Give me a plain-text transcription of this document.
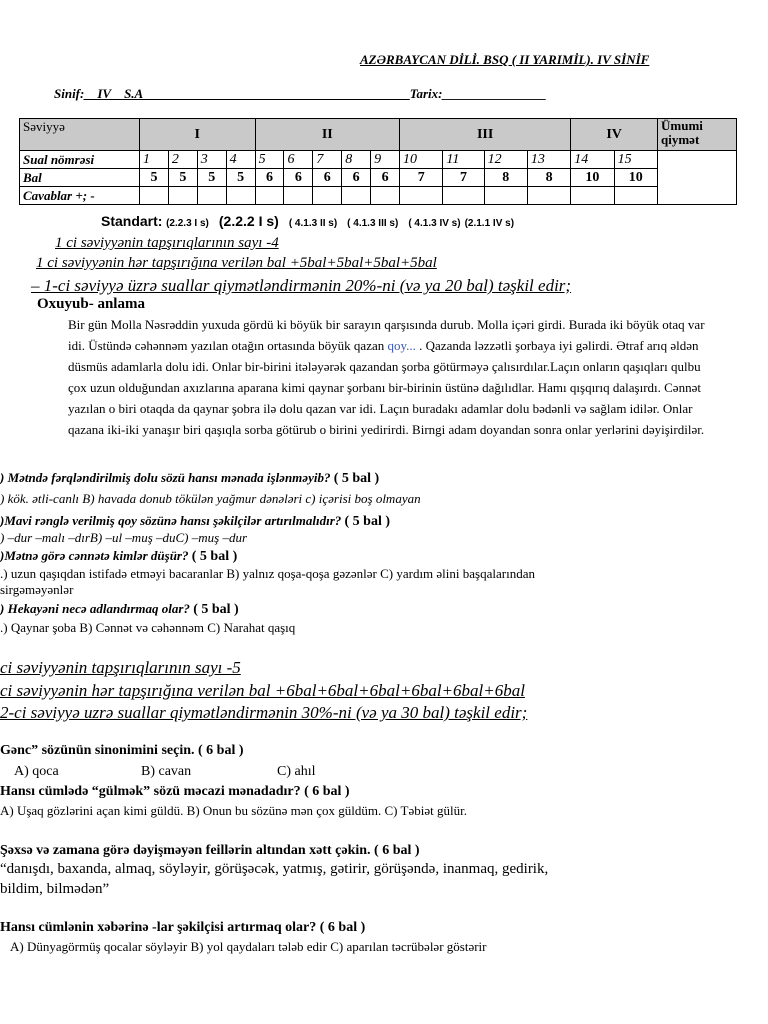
AZƏRBAYCAN DİLİ. BSQ ( II YARIMİL). IV SİNİF
Sinif:__IV__S.A_________________________________________Tarix:________________
Səviyyə	I				II					III				IV		Ümumi qiymət
Sual nömrəsi	1	2	3	4	5	6	7	8	9	10	11	12	13	14	15	
Bal	5	5	5	5	6	6	6	6	6	7	7	8	8	10	10	
Cavablar +; -																
Standart: (2.2.3 I s) (2.2.2 I s) ( 4.1.3 II s) ( 4.1.3 III s) ( 4.1.3 IV s) (2.1.1 IV s)
1 ci səviyyənin tapşırıqlarının sayı -4
1 ci səviyyənin hər tapşırığına verilən bal +5bal+5bal+5bal+5bal
– 1-ci səviyyə üzrə suallar qiymətləndirmənin 20%-ni (və ya 20 bal) təşkil edir;
Oxuyub- anlama
Bir gün Molla Nəsrəddin yuxuda gördü ki böyük bir sarayın qarşısında durub. Molla içəri girdi. Burada iki böyük otaq var idi. Üstündə cəhənnəm yazılan otağın ortasında böyük qazan qoy... . Qazanda ləzzətli şorbaya iyi gəlirdi. Ətraf arıq əldən düsmüs adamlarla dolu idi. Onlar bir-birini itələyərək qazandan şorba götürməyə çalısırdılar.Laçın onların qaşıqları qulbu çox uzun olduğundan axızlarına aparana kimi qaynar şorbanı bir-birinin üstünə dağılıdlar. Hamı qışqırıq dalaşırdı. Cənnət yazılan o biri otaqda da qaynar şobra ilə dolu qazan var idi. Laçın buradakı adamlar dolu bədənli və sağlam idilər. Onlar qazana iki-iki yanaşır biri qaşıqla sorba götürub o birini yedirirdi. Birngi adam doyandan sonra onlar yerlərini dəyişirdilər.
) Mətndə fərqləndirilmiş dolu sözü hansı mənada işlənməyib? ( 5 bal )
) kök. ətli-canlı B) havada donub tökülən yağmur dənələri c) içərisi boş olmayan
)Mavi rənglə verilmiş qoy sözünə hansı şəkilçilər artırılmalıdır? ( 5 bal )
) –dur –malı –dırB) –ul –muş –duC) –muş –dur
)Mətnə görə cənnətə kimlər düşür? ( 5 bal )
.) uzun qaşıqdan istifadə etməyi bacaranlar B) yalnız qoşa-qoşa gəzənlər C) yardım əlini başqalarından
sirgəməyənlər
) Hekayəni necə adlandırmaq olar? ( 5 bal )
.) Qaynar şoba B) Cənnət və cəhənnəm C) Narahat qaşıq
ci səviyyənin tapşırıqlarının sayı -5
ci səviyyənin hər tapşırığına verilən bal +6bal+6bal+6bal+6bal+6bal+6bal
2-ci səviyyə uzrə suallar qiymətləndirmənin 30%-ni (və ya 30 bal) təşkil edir;
Gənc” sözünün sinonimini seçin. ( 6 bal )
A) qoca	B) cavan	C) ahıl
Hansı cümlədə “gülmək” sözü məcazi mənadadır? ( 6 bal )
A) Uşaq gözlərini açan kimi güldü. B) Onun bu sözünə mən çox güldüm. C) Təbiət gülür.
Şəxsə və zamana görə dəyişməyən feillərin altından xətt çəkin. ( 6 bal )
“danışdı, baxanda, almaq, söyləyir, görüşəcək, yatmış, gətirir, görüşəndə, inanmaq, gedirik,
bildim, bilmədən”
Hansı cümlənin xəbərinə -lar şəkilçisi artırmaq olar? ( 6 bal )
A) Dünyagörmüş qocalar söyləyir B) yol qaydaları tələb edir C) aparılan təcrübələr göstərir
